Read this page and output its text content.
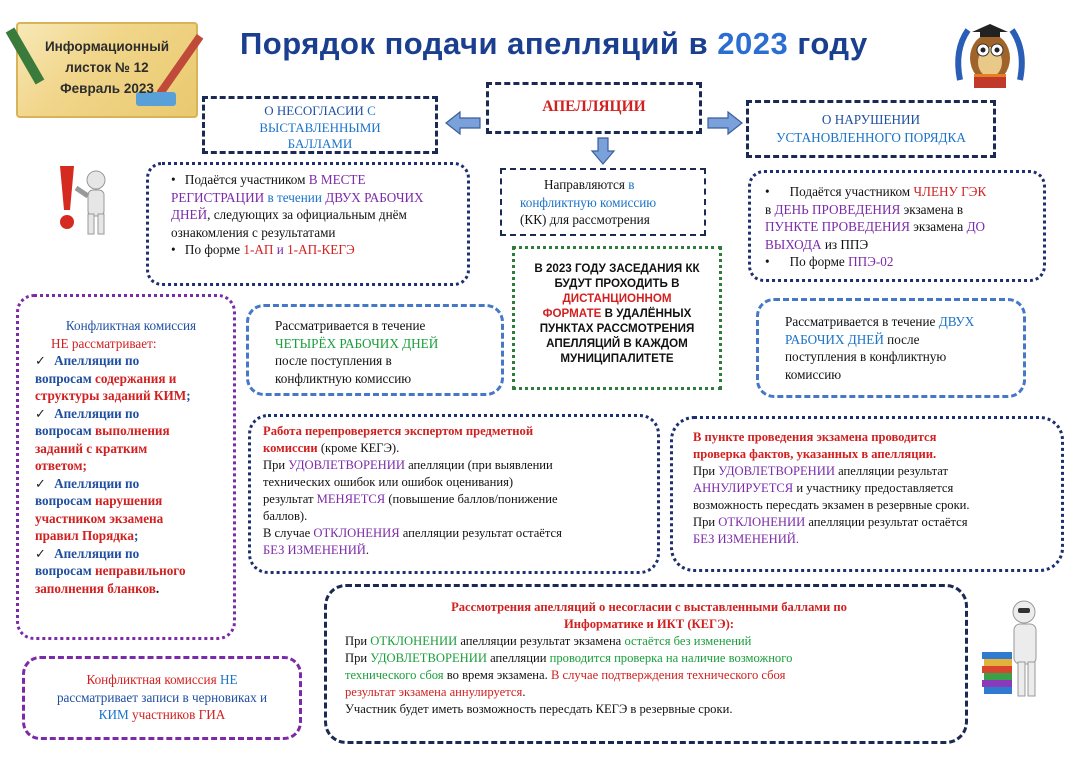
Информационный
листок № 12
Февраль 2023
Порядок подачи апелляций в 2023 году
АПЕЛЛЯЦИИ
О НЕСОГЛАСИИ С
ВЫСТАВЛЕННЫМИ
БАЛЛАМИ
О НАРУШЕНИИ
УСТАНОВЛЕННОГО ПОРЯДКА
• Подаётся участником В МЕСТЕ РЕГИСТРАЦИИ в течении ДВУХ РАБОЧИХ ДНЕЙ, следующих за официальным днём ознакомления с результатами
• По форме 1-АП и 1-АП-КЕГЭ
Направляются в
конфликтную комиссию
(КК) для рассмотрения
• Подаётся участником ЧЛЕНУ ГЭК
в ДЕНЬ ПРОВЕДЕНИЯ экзамена в
ПУНКТЕ ПРОВЕДЕНИЯ экзамена ДО
ВЫХОДА из ППЭ
• По форме ППЭ-02
В 2023 ГОДУ ЗАСЕДАНИЯ КК
БУДУТ ПРОХОДИТЬ В
ДИСТАНЦИОННОМ
ФОРМАТЕ В УДАЛЁННЫХ
ПУНКТАХ РАССМОТРЕНИЯ
АПЕЛЛЯЦИЙ В КАЖДОМ
МУНИЦИПАЛИТЕТЕ
Конфликтная комиссия
НЕ рассматривает:
✓ Апелляции по
вопросам содержания и
структуры заданий КИМ;
✓ Апелляции по
вопросам выполнения
заданий с кратким
ответом;
✓ Апелляции по
вопросам нарушения
участником экзамена
правил Порядка;
✓ Апелляции по
вопросам неправильного
заполнения бланков.
Рассматривается в течение
ЧЕТЫРЁХ РАБОЧИХ ДНЕЙ
после поступления в
конфликтную комиссию
Рассматривается в течение ДВУХ
РАБОЧИХ ДНЕЙ после
поступления в конфликтную
комиссию
Работа перепроверяется экспертом предметной
комиссии (кроме КЕГЭ).
При УДОВЛЕТВОРЕНИИ апелляции (при выявлении
технических ошибок или ошибок оценивания)
результат МЕНЯЕТСЯ (повышение баллов/понижение
баллов).
В случае ОТКЛОНЕНИЯ апелляции результат остаётся
БЕЗ ИЗМЕНЕНИЙ.
В пункте проведения экзамена проводится
проверка фактов, указанных в апелляции.
При УДОВЛЕТВОРЕНИИ апелляции результат
АННУЛИРУЕТСЯ и участнику предоставляется
возможность пересдать экзамен в резервные сроки.
При ОТКЛОНЕНИИ апелляции результат остаётся
БЕЗ ИЗМЕНЕНИЙ.
Конфликтная комиссия НЕ
рассматривает записи в черновиках и
КИМ участников ГИА
Рассмотрения апелляций о несогласии с выставленными баллами по
Информатике и ИКТ (КЕГЭ):
При ОТКЛОНЕНИИ апелляции результат экзамена остаётся без изменений
При УДОВЛЕТВОРЕНИИ апелляции проводится проверка на наличие возможного
технического сбоя во время экзамена. В случае подтверждения технического сбоя
результат экзамена аннулируется.
Участник будет иметь возможность пересдать КЕГЭ в резервные сроки.
